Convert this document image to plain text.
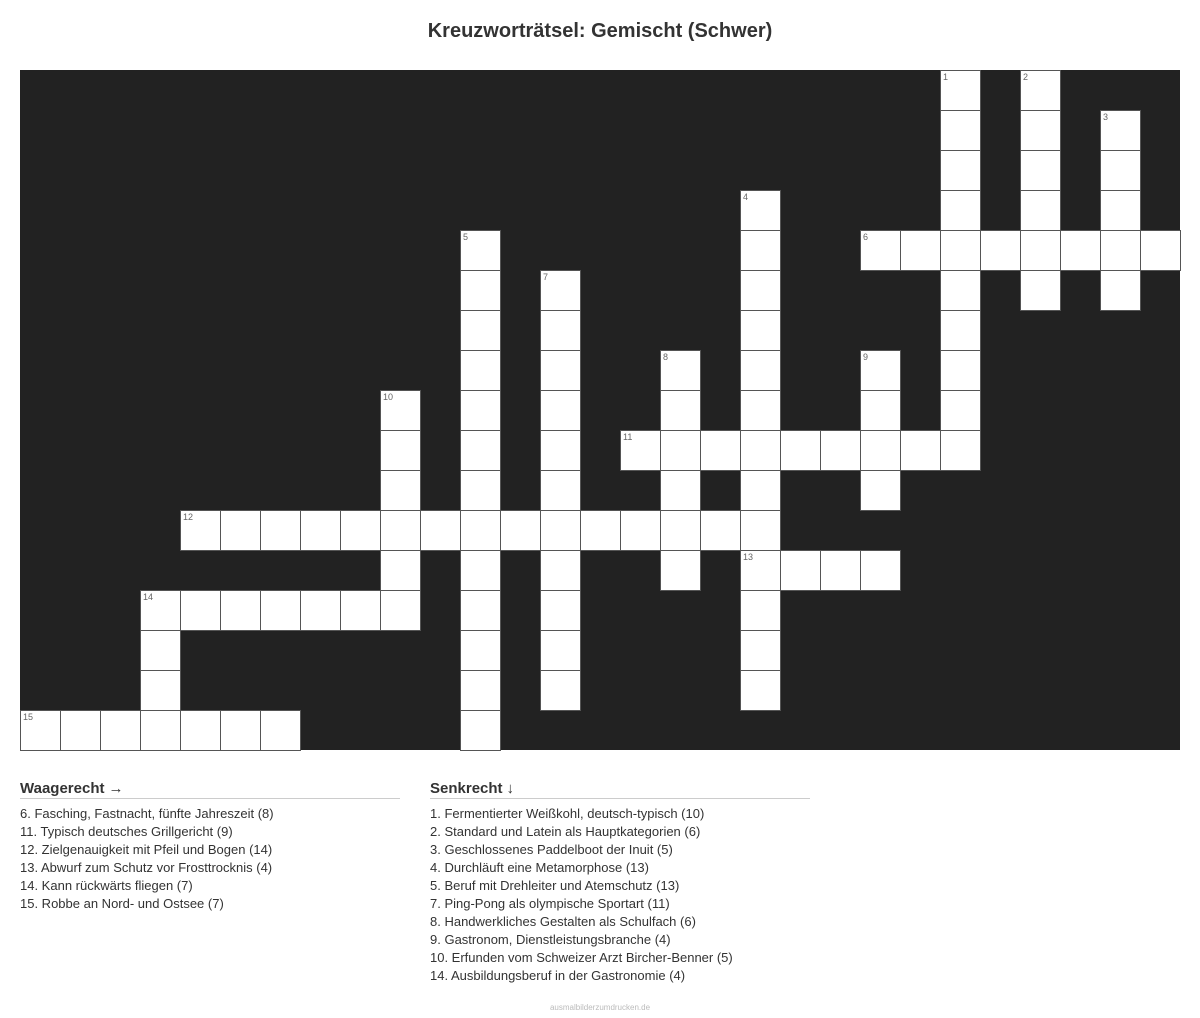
Kreuzworträtsel: Gemischt (Schwer)
1	2
3
4
13
5	6
7
8	9
10
11
12
14
15
Waagerecht →
6. Fasching, Fastnacht, fünfte Jahreszeit (8)
11. Typisch deutsches Grillgericht (9)
12. Zielgenauigkeit mit Pfeil und Bogen (14)
13. Abwurf zum Schutz vor Frosttrocknis (4)
14. Kann rückwärts fliegen (7)
15. Robbe an Nord- und Ostsee (7)
Senkrecht ↓
1. Fermentierter Weißkohl, deutsch-typisch (10)
2. Standard und Latein als Hauptkategorien (6)
3. Geschlossenes Paddelboot der Inuit (5)
4. Durchläuft eine Metamorphose (13)
5. Beruf mit Drehleiter und Atemschutz (13)
7. Ping-Pong als olympische Sportart (11)
8. Handwerkliches Gestalten als Schulfach (6)
9. Gastronom, Dienstleistungsbranche (4)
10. Erfunden vom Schweizer Arzt Bircher-Benner (5)
14. Ausbildungsberuf in der Gastronomie (4)
ausmalbilderzumdrucken.de
